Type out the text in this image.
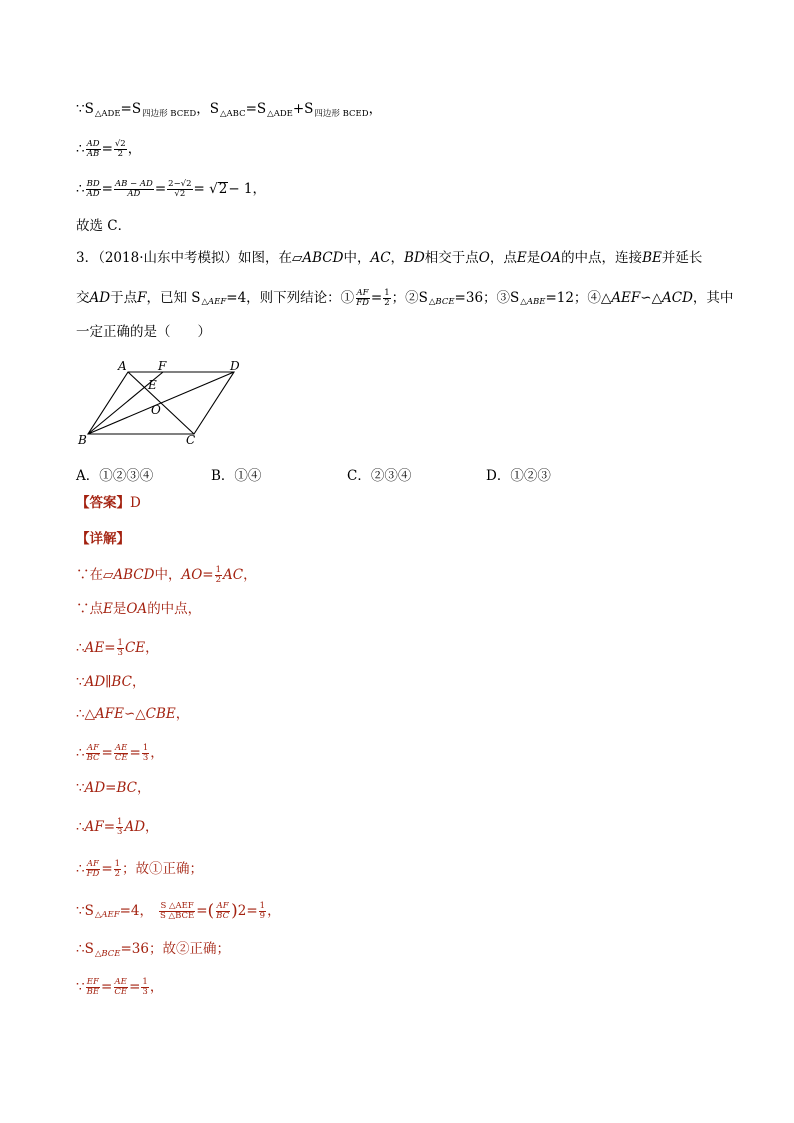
∵S △ADE =S 四边形 BCED ，S △ABC =S △ADE +S 四边形 BCED ，
∴ $\frac{AD}{AB} = \frac{√2}{2}$ ，
∴ $\frac{BD}{AD} = \frac{AB - AD}{AD} = \frac{2-√2}{√2}$ = √ 2 − 1，
故选 C．
3．（2018·山东中考模拟）如图，在▱ ABCD 中， AC ， BD 相交于点 O ，点 E 是 OA 的中点，连接 BE 并延长
交 AD 于点 F ，已知 S △AEF =4，则下列结论：① $\frac{AF}{FD} = \frac{1}{2}$ ；②S △BCE =36；③S △ABE =12；④△ AEF ∽△ ACD ，其中
一定正确的是（　　）
A	F	D
E
O
B	C
A．①②③④	B．①④	C．②③④	D．①②③
【答案】 D
【详解】
∵在▱ ABCD 中， AO = $\frac{1}{2}$ AC ，
∵点 E 是 OA 的中点，
∴ AE = $\frac{1}{3}$ CE ，
∵ AD ∥ BC ，
∴△ AFE ∽△ CBE ，
∴ $\frac{AF}{BC} = \frac{AE}{CE} = \frac{1}{3}$ ，
∵ AD = BC ，
∴ AF = $\frac{1}{3}$ AD ，
∴ $\frac{AF}{FD} = \frac{1}{2}$ ；故①正确；
∵S △AEF =4， $\frac{\text{S △AEF}}{\text{S △BCE}}$ = ( $\frac{AF}{BC}$ ) $2 = \frac{1}{9}$ ，
∴S △BCE =36；故②正确；
∵ $\frac{EF}{BE} = \frac{AE}{CE} = \frac{1}{3}$ ，
